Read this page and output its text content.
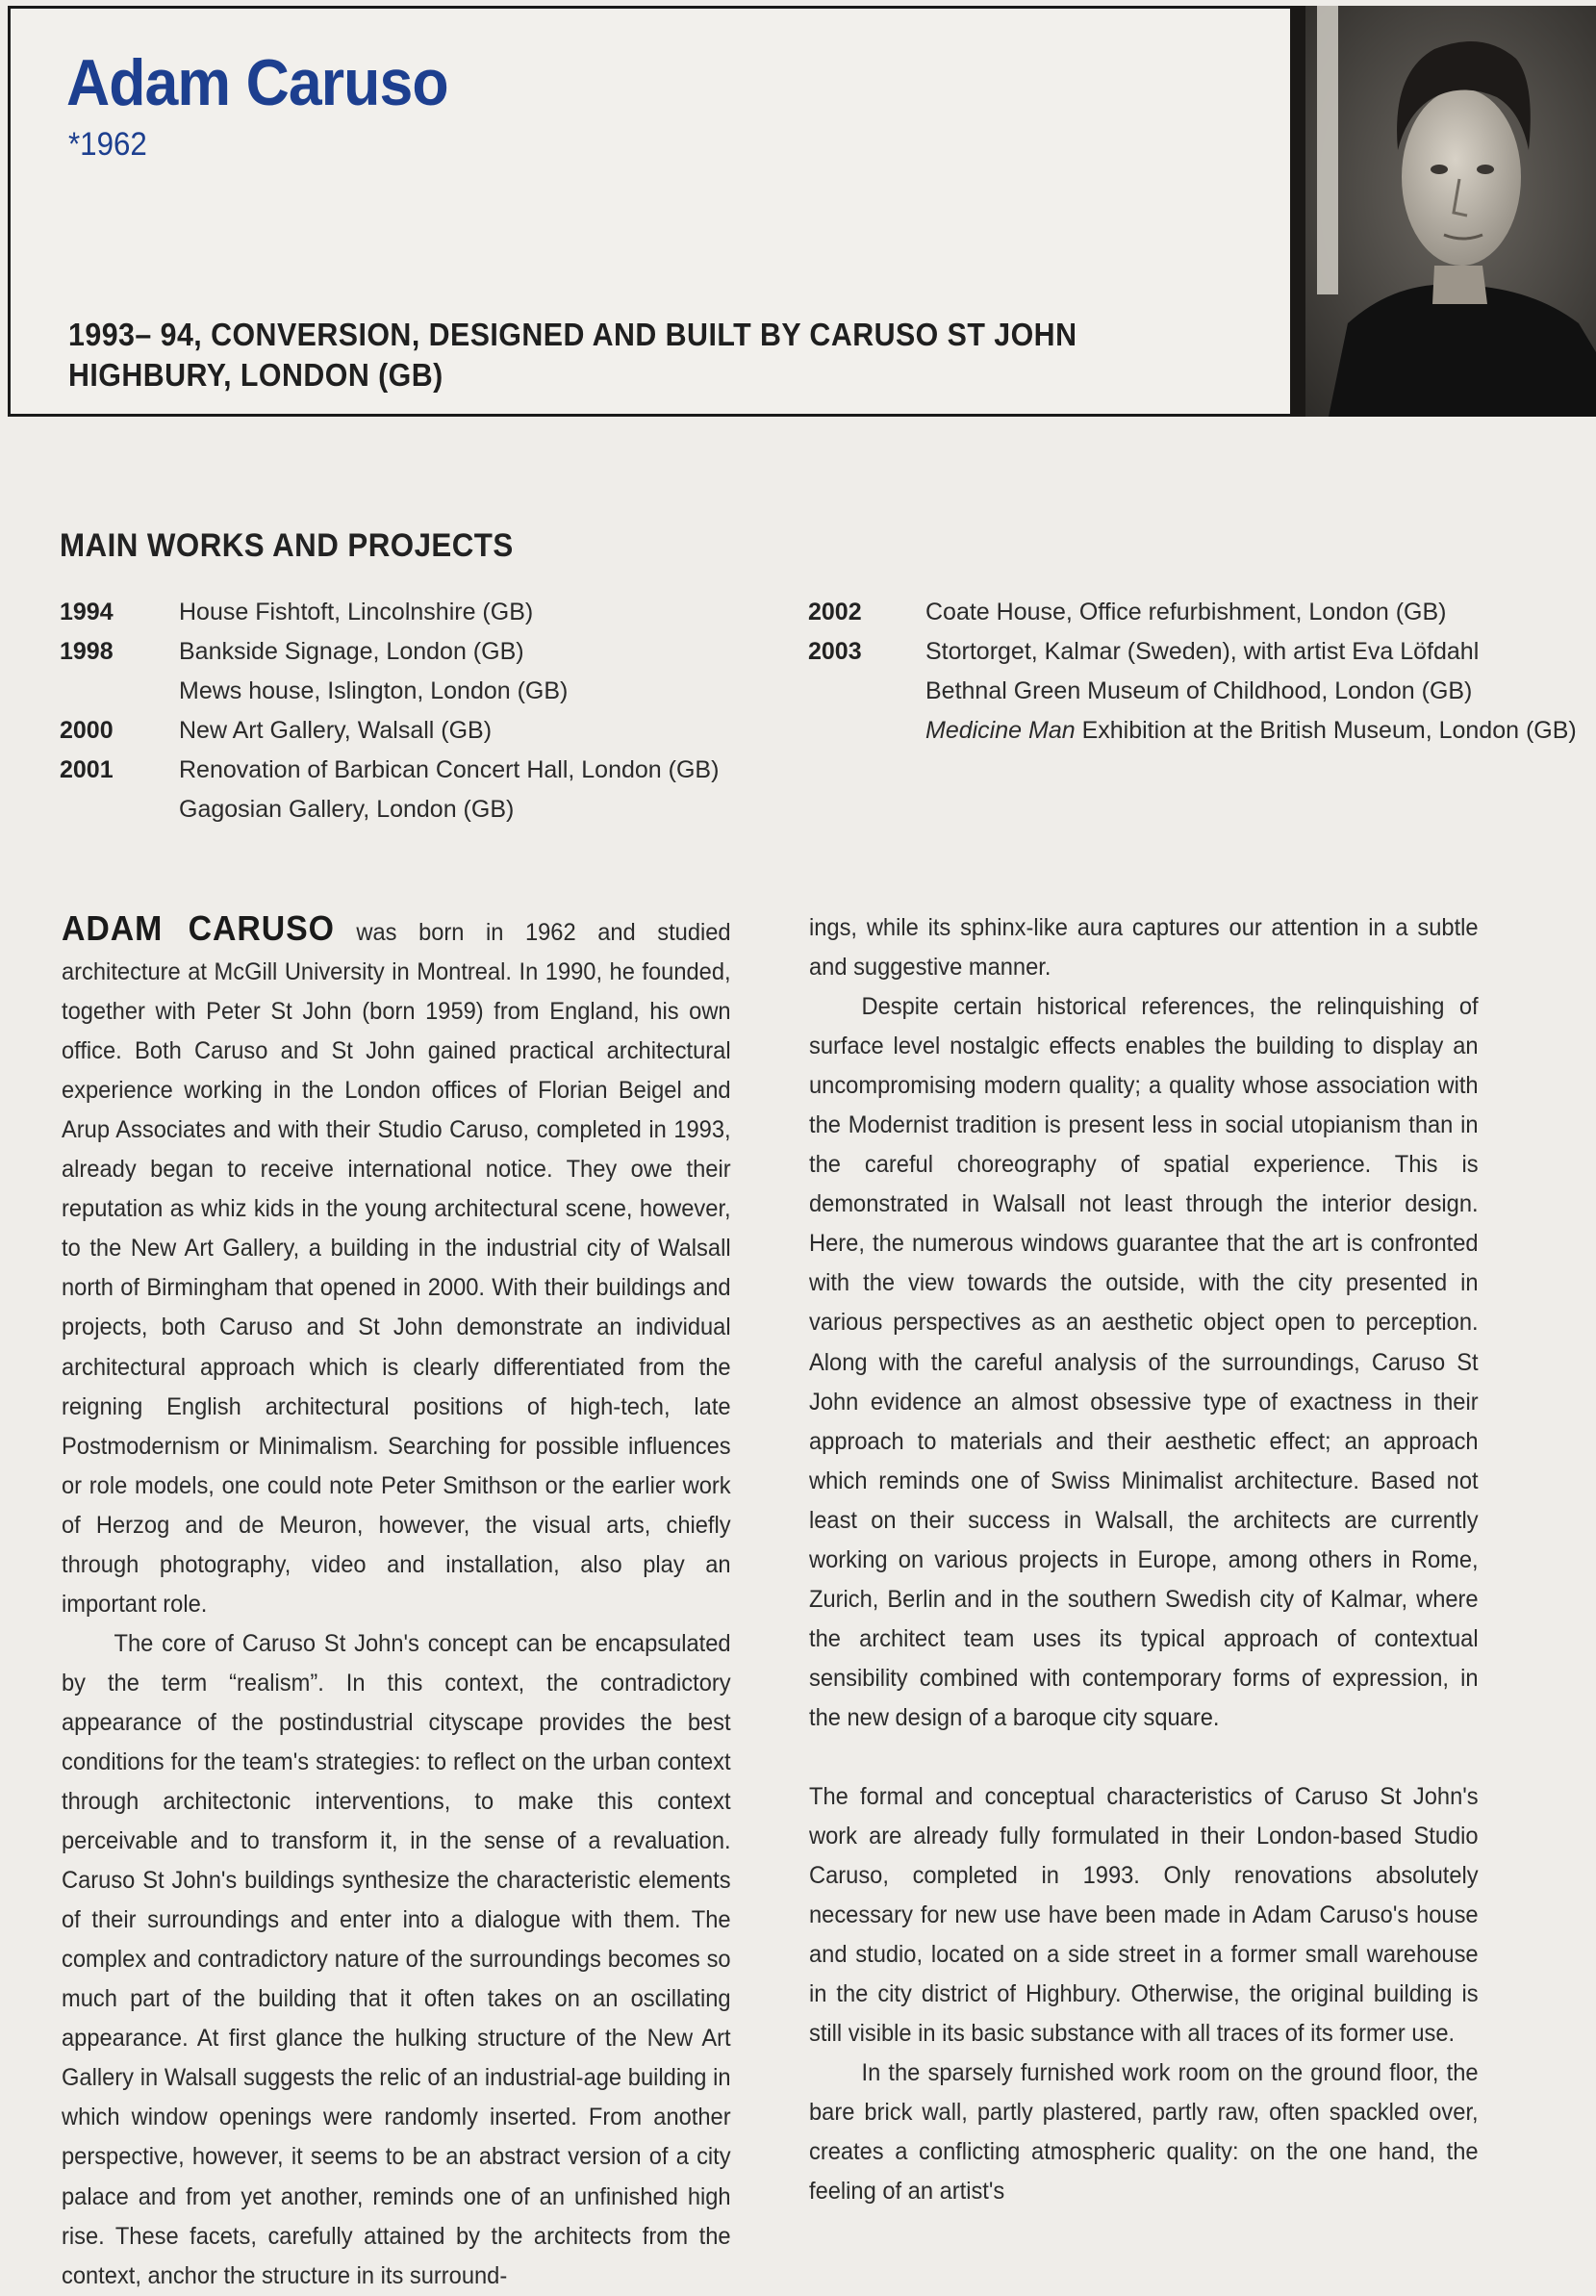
Adam Caruso
*1962
1993– 94, CONVERSION, DESIGNED AND BUILT BY CARUSO ST JOHN
HIGHBURY, LONDON (GB)
MAIN WORKS AND PROJECTS
1994	House Fishtoft, Lincolnshire (GB)
1998	Bankside Signage, London (GB)
Mews house, Islington, London (GB)
2000	New Art Gallery, Walsall (GB)
2001	Renovation of Barbican Concert Hall, London (GB)
Gagosian Gallery, London (GB)
2002	Coate House, Office refurbishment, London (GB)
2003	Stortorget, Kalmar (Sweden), with artist Eva Löfdahl
Bethnal Green Museum of Childhood, London (GB)
Medicine Man Exhibition at the British Museum, London (GB)

ADAM CARUSO was born in 1962 and studied architecture at McGill University in Montreal. In 1990, he founded, together with Peter St John (born 1959) from England, his own office. Both Caruso and St John gained practical architectural experience working in the London offices of Florian Beigel and Arup Associates and with their Studio Caruso, completed in 1993, already began to receive international notice. They owe their reputation as whiz kids in the young architectural scene, however, to the New Art Gallery, a building in the industrial city of Walsall north of Birmingham that opened in 2000. With their buildings and projects, both Caruso and St John demonstrate an individual architectural approach which is clearly differentiated from the reigning English architectural positions of high-tech, late Postmodernism or Minimalism. Searching for possible influences or role models, one could note Peter Smithson or the earlier work of Herzog and de Meuron, however, the visual arts, chiefly through photography, video and installation, also play an important role.

The core of Caruso St John's concept can be encapsulated by the term “realism”. In this context, the contradictory appearance of the postindustrial cityscape provides the best conditions for the team's strategies: to reflect on the urban context through architectonic interventions, to make this context perceivable and to transform it, in the sense of a revaluation. Caruso St John's buildings synthesize the characteristic elements of their surroundings and enter into a dialogue with them. The complex and contradictory nature of the surroundings becomes so much part of the building that it often takes on an oscillating appearance. At first glance the hulking structure of the New Art Gallery in Walsall suggests the relic of an industrial-age building in which window openings were randomly inserted. From another perspective, however, it seems to be an abstract version of a city palace and from yet another, reminds one of an unfinished high rise. These facets, carefully attained by the architects from the context, anchor the structure in its surround-

ings, while its sphinx-like aura captures our attention in a subtle and suggestive manner.

Despite certain historical references, the relinquishing of surface level nostalgic effects enables the building to display an uncompromising modern quality; a quality whose association with the Modernist tradition is present less in social utopianism than in the careful choreography of spatial experience. This is demonstrated in Walsall not least through the interior design. Here, the numerous windows guarantee that the art is confronted with the view towards the outside, with the city presented in various perspectives as an aesthetic object open to perception. Along with the careful analysis of the surroundings, Caruso St John evidence an almost obsessive type of exactness in their approach to materials and their aesthetic effect; an approach which reminds one of Swiss Minimalist architecture. Based not least on their success in Walsall, the architects are currently working on various projects in Europe, among others in Rome, Zurich, Berlin and in the southern Swedish city of Kalmar, where the architect team uses its typical approach of contextual sensibility combined with contemporary forms of expression, in the new design of a baroque city square.

The formal and conceptual characteristics of Caruso St John's work are already fully formulated in their London-based Studio Caruso, completed in 1993. Only renovations absolutely necessary for new use have been made in Adam Caruso's house and studio, located on a side street in a former small warehouse in the city district of Highbury. Otherwise, the original building is still visible in its basic substance with all traces of its former use.

In the sparsely furnished work room on the ground floor, the bare brick wall, partly plastered, partly raw, often spackled over, creates a conflicting atmospheric quality: on the one hand, the feeling of an artist's
